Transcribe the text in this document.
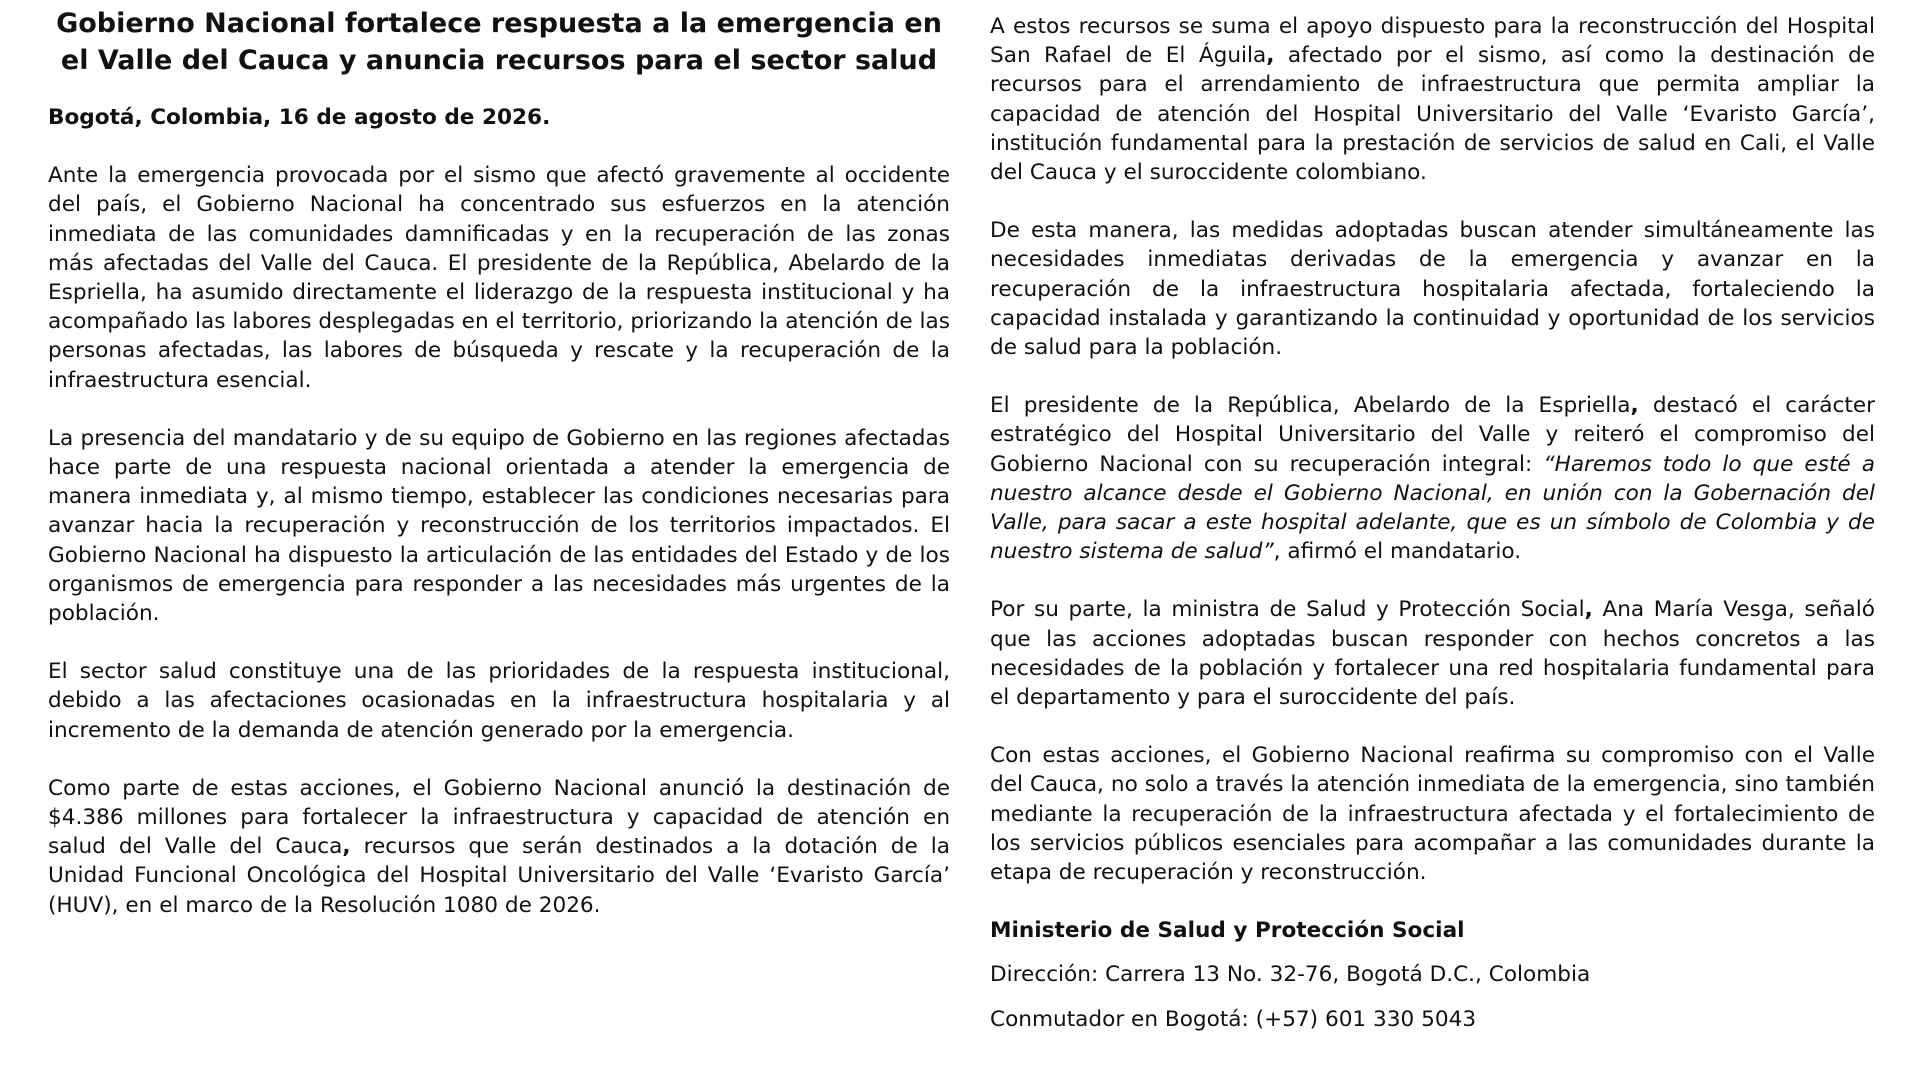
Gobierno Nacional fortalece respuesta a la emergencia en el Valle del Cauca y anuncia recursos para el sector salud

Bogotá, Colombia, 16 de agosto de 2026.

Ante la emergencia provocada por el sismo que afectó gravemente al occidente del país, el Gobierno Nacional ha concentrado sus esfuerzos en la atención inmediata de las comunidades damnificadas y en la recuperación de las zonas más afectadas del Valle del Cauca. El presidente de la República, Abelardo de la Espriella, ha asumido directamente el liderazgo de la respuesta institucional y ha acompañado las labores desplegadas en el territorio, priorizando la atención de las personas afectadas, las labores de búsqueda y rescate y la recuperación de la infraestructura esencial.

La presencia del mandatario y de su equipo de Gobierno en las regiones afectadas hace parte de una respuesta nacional orientada a atender la emergencia de manera inmediata y, al mismo tiempo, establecer las condiciones necesarias para avanzar hacia la recuperación y reconstrucción de los territorios impactados. El Gobierno Nacional ha dispuesto la articulación de las entidades del Estado y de los organismos de emergencia para responder a las necesidades más urgentes de la población.

El sector salud constituye una de las prioridades de la respuesta institucional, debido a las afectaciones ocasionadas en la infraestructura hospitalaria y al incremento de la demanda de atención generado por la emergencia.

Como parte de estas acciones, el Gobierno Nacional anunció la destinación de $4.386 millones para fortalecer la infraestructura y capacidad de atención en salud del Valle del Cauca, recursos que serán destinados a la dotación de la Unidad Funcional Oncológica del Hospital Universitario del Valle ‘Evaristo García’ (HUV), en el marco de la Resolución 1080 de 2026.

A estos recursos se suma el apoyo dispuesto para la reconstrucción del Hospital San Rafael de El Águila, afectado por el sismo, así como la destinación de recursos para el arrendamiento de infraestructura que permita ampliar la capacidad de atención del Hospital Universitario del Valle ‘Evaristo García’, institución fundamental para la prestación de servicios de salud en Cali, el Valle del Cauca y el suroccidente colombiano.

De esta manera, las medidas adoptadas buscan atender simultáneamente las necesidades inmediatas derivadas de la emergencia y avanzar en la recuperación de la infraestructura hospitalaria afectada, fortaleciendo la capacidad instalada y garantizando la continuidad y oportunidad de los servicios de salud para la población.

El presidente de la República, Abelardo de la Espriella, destacó el carácter estratégico del Hospital Universitario del Valle y reiteró el compromiso del Gobierno Nacional con su recuperación integral: “Haremos todo lo que esté a nuestro alcance desde el Gobierno Nacional, en unión con la Gobernación del Valle, para sacar a este hospital adelante, que es un símbolo de Colombia y de nuestro sistema de salud”, afirmó el mandatario.

Por su parte, la ministra de Salud y Protección Social, Ana María Vesga, señaló que las acciones adoptadas buscan responder con hechos concretos a las necesidades de la población y fortalecer una red hospitalaria fundamental para el departamento y para el suroccidente del país.

Con estas acciones, el Gobierno Nacional reafirma su compromiso con el Valle del Cauca, no solo a través la atención inmediata de la emergencia, sino también mediante la recuperación de la infraestructura afectada y el fortalecimiento de los servicios públicos esenciales para acompañar a las comunidades durante la etapa de recuperación y reconstrucción.

Ministerio de Salud y Protección Social

Dirección: Carrera 13 No. 32-76, Bogotá D.C., Colombia

Conmutador en Bogotá: (+57) 601 330 5043
